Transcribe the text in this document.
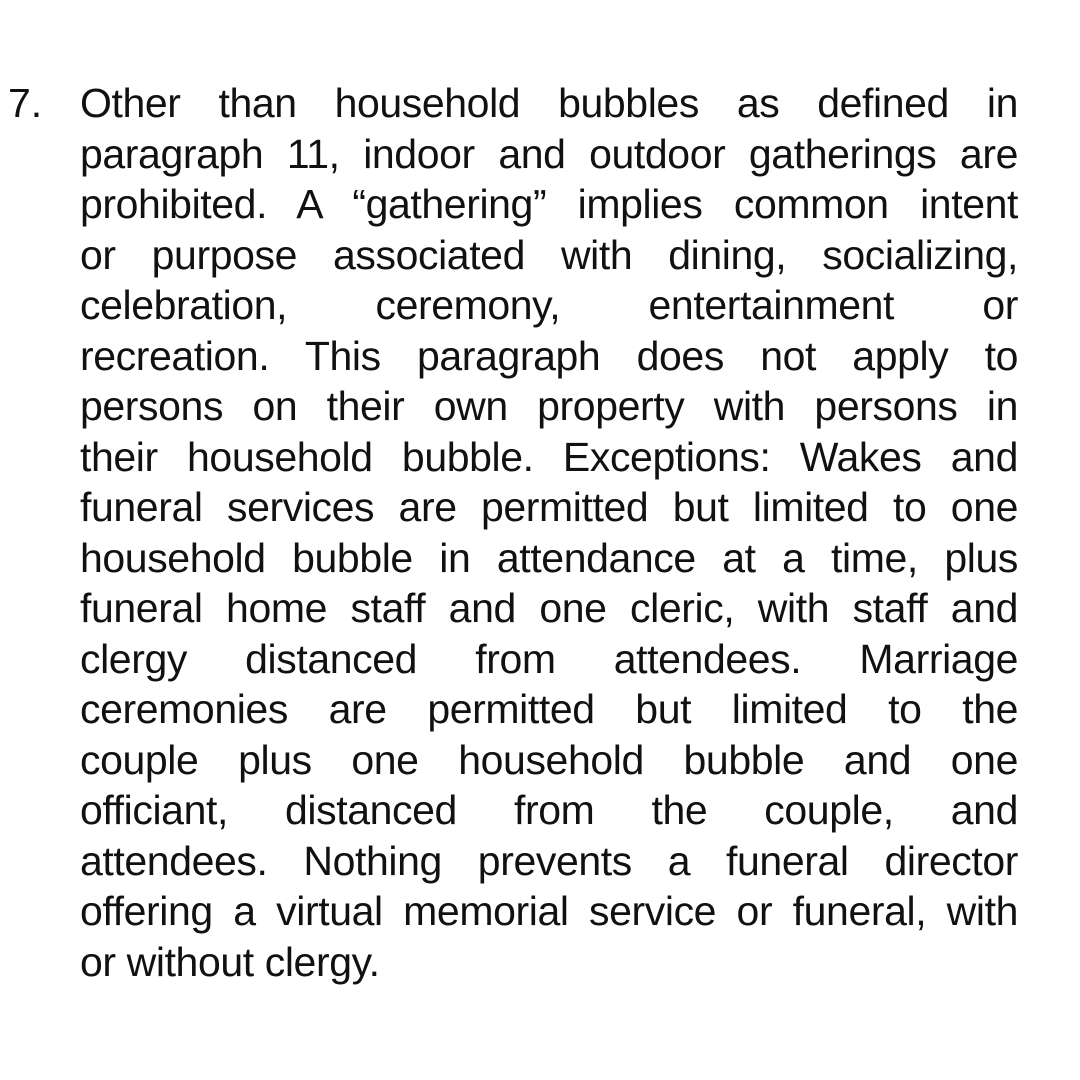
7. Other than household bubbles as defined in
paragraph 11, indoor and outdoor gatherings are
prohibited. A “gathering” implies common intent
or purpose associated with dining, socializing,
celebration, ceremony, entertainment or
recreation. This paragraph does not apply to
persons on their own property with persons in
their household bubble. Exceptions: Wakes and
funeral services are permitted but limited to one
household bubble in attendance at a time, plus
funeral home staff and one cleric, with staff and
clergy distanced from attendees. Marriage
ceremonies are permitted but limited to the
couple plus one household bubble and one
officiant, distanced from the couple, and
attendees. Nothing prevents a funeral director
offering a virtual memorial service or funeral, with
or without clergy.
